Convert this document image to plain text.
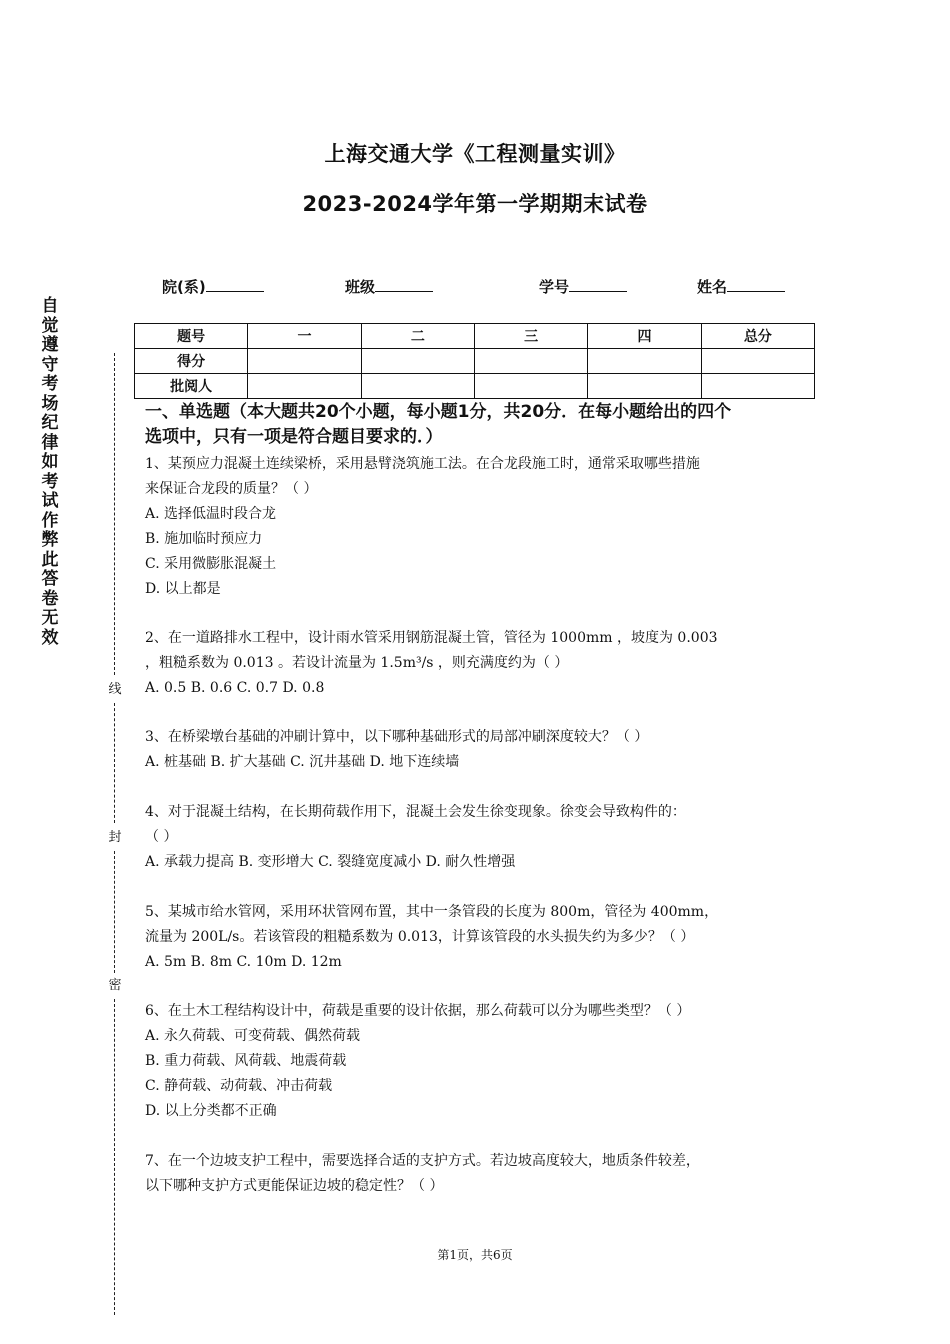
上海交通大学《工程测量实训》
2023-2024学年第一学期期末试卷
院(系)	班级	学号	姓名
题号	一	二	三	四	总分
得分					
批阅人					
自觉遵守考场纪律如考试作弊此答卷无效
线
封
密
一、单选题（本大题共20个小题，每小题1分，共20分．在每小题给出的四个
选项中，只有一项是符合题目要求的．）
1、某预应力混凝土连续梁桥，采用悬臂浇筑施工法。在合龙段施工时，通常采取哪些措施
来保证合龙段的质量？（ ）
A. 选择低温时段合龙
B. 施加临时预应力
C. 采用微膨胀混凝土
D. 以上都是
2、在一道路排水工程中，设计雨水管采用钢筋混凝土管，管径为 1000mm ，坡度为 0.003
，粗糙系数为 0.013 。若设计流量为 1.5m³/s ，则充满度约为（ ）
A. 0.5 B. 0.6 C. 0.7 D. 0.8
3、在桥梁墩台基础的冲刷计算中，以下哪种基础形式的局部冲刷深度较大？（ ）
A. 桩基础 B. 扩大基础 C. 沉井基础 D. 地下连续墙
4、对于混凝土结构，在长期荷载作用下，混凝土会发生徐变现象。徐变会导致构件的：
（ ）
A. 承载力提高 B. 变形增大 C. 裂缝宽度减小 D. 耐久性增强
5、某城市给水管网，采用环状管网布置，其中一条管段的长度为 800m，管径为 400mm，
流量为 200L/s。若该管段的粗糙系数为 0.013，计算该管段的水头损失约为多少？（ ）
A. 5m B. 8m C. 10m D. 12m
6、在土木工程结构设计中，荷载是重要的设计依据，那么荷载可以分为哪些类型？（ ）
A. 永久荷载、可变荷载、偶然荷载
B. 重力荷载、风荷载、地震荷载
C. 静荷载、动荷载、冲击荷载
D. 以上分类都不正确
7、在一个边坡支护工程中，需要选择合适的支护方式。若边坡高度较大，地质条件较差，
以下哪种支护方式更能保证边坡的稳定性？（ ）
第1页，共6页
